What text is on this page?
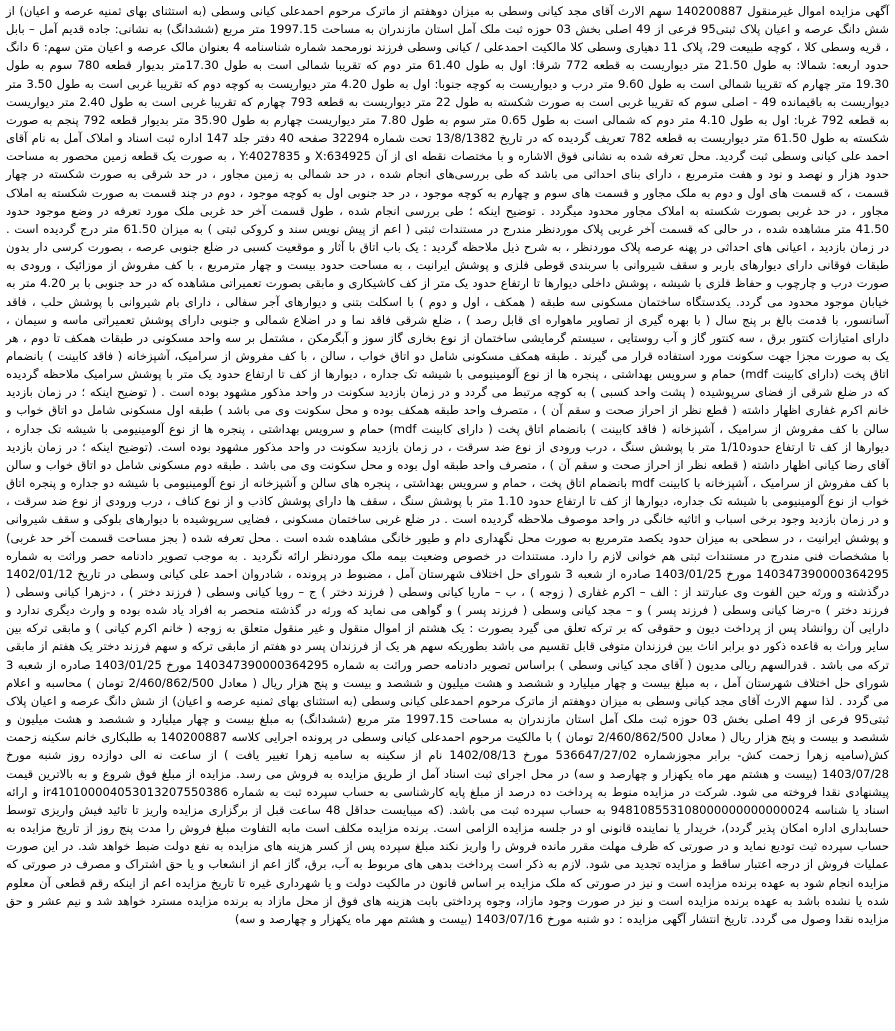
آگهی مزایده اموال غیرمنقول 140200887 سهم الارث آقای مجد کیانی وسطی به میزان دوهفتم از ماترک مرحوم احمدعلی کیانی وسطی (به استثنای بهای ثمنیه عرصه و اعیان) از شش دانگ عرصه و اعیان پلاک ثبتی95 فرعی از 49 اصلی بخش 03 حوزه ثبت ملک آمل استان مازندران به مساحت 1997.15 متر مربع (ششدانگ) به نشانی: جاده قدیم آمل – بابل ، قریه وسطی کلا ، کوچه طبیعت 29، پلاک 11 دهیاری وسطی کلا مالکیت احمدعلی / کیانی وسطی فرزند نورمحمد شماره شناسنامه 4 بعنوان مالک عرصه و اعیان متن سهم: 6 دانگ حدود اربعه: شمالا: به طول 21.50 متر دیواریست به قطعه 772 شرقا: اول به طول 61.40 متر دوم که تقریبا شمالی است به طول 17.30متر بدیوار قطعه 780 سوم به طول 19.30 متر چهارم که تقریبا شمالی است به طول 9.60 متر درب و دیواریست به کوچه جنوبا: اول به طول 4.20 متر دیواریست به کوچه دوم که تقریبا غربی است به طول 3.50 متر دیواریست به باقیمانده 49 - اصلی سوم که تقریبا غربی است به صورت شکسته به طول 22 متر دیواریست به قطعه 793 چهارم که تقریبا غربی است به طول 2.40 متر دیواریست به قطعه 792 غربا: اول به طول 4.10 متر دوم که شمالی است به طول 0.65 متر سوم به طول 7.80 متر دیواریست چهارم به طول 35.90 متر بدیوار قطعه 792 پنجم به صورت شکسته به طول 61.50 متر دیواریست به قطعه 782 تعریف گردیده که در تاریخ 13/8/1382 تحت شماره 32294 صفحه 40 دفتر جلد 147 اداره ثبت اسناد و املاک آمل به نام آقای احمد علی کیانی وسطی ثبت گردید. محل تعرفه شده به نشانی فوق الاشاره و با مختصات نقطه ای از آن X:634925 و Y:4027835 ، به صورت یک قطعه زمین محصور به مساحت حدود هزار و نهصد و نود و هفت مترمربع ، دارای بنای احداثی می باشد که طی بررسی‌های انجام شده ، در حد شمالی به زمین مجاور ، در حد شرقی به صورت شکسته در چهار قسمت ، که قسمت های اول و دوم به ملک مجاور و قسمت های سوم و چهارم به کوچه موجود ، در حد جنوبی اول به کوچه موجود ، دوم در چند قسمت به صورت شکسته به املاک مجاور ، در حد غربی بصورت شکسته به املاک مجاور محدود میگردد . توضیح اینکه ؛ طی بررسی انجام شده ، طول قسمت آخر حد غربی ملک مورد تعرفه در وضع موجود حدود 41.50 متر مشاهده شده ، در حالی که قسمت آخر غربی پلاک موردنظر مندرج در مستندات ثبتی ( اعم از پیش نویس سند و کروکی ثبتی ) به میزان 61.50 متر درج گردیده است . در زمان بازدید ، اعیانی های احداثی در پهنه عرصه پلاک موردنظر ، به شرح ذیل ملاحظه گردید : یک باب اتاق با آثار و موقعیت کسبی در ضلع جنوبی عرصه ، بصورت کرسی دار بدون طبقات فوقانی دارای دیوارهای باربر و سقف شیروانی با سربندی قوطی فلزی و پوشش ایرانیت ، به مساحت حدود بیست و چهار مترمربع ، با کف مفروش از موزائیک ، ورودی به صورت درب و چارچوب و حفاظ فلزی با شیشه ، پوشش داخلی دیوارها تا ارتفاع حدود یک متر از کف کاشیکاری و مابقی بصورت تعمیراتی مشاهده که در حد جنوبی با بر 4.20 متر به خیابان موجود محدود می گردد. یکدستگاه ساختمان مسکونی سه طبقه ( همکف ، اول و دوم ) با اسکلت بتنی و دیوارهای آجر سفالی ، دارای بام شیروانی با پوشش حلب ، فاقد آسانسور، با قدمت بالغ بر پنج سال ( با بهره گیری از تصاویر ماهواره ای قابل رصد ) ، ضلع شرقی فاقد نما و در اضلاع شمالی و جنوبی دارای پوشش تعمیراتی ماسه و سیمان ، دارای امتیازات کنتور برق ، سه کنتور گاز و آب روستایی ، سیستم گرمایشی ساختمان از نوع بخاری گاز سوز و آبگرمکن ، مشتمل بر سه واحد مسکونی در طبقات همکف تا دوم ، هر یک به صورت مجزا جهت سکونت مورد استفاده قرار می گیرند . طبقه همکف مسکونی شامل دو اتاق خواب ، سالن ، با کف مفروش از سرامیک، آشپزخانه ( فاقد کابینت ) بانضمام اتاق پخت (دارای کابینت mdf) حمام و سرویس بهداشتی ، پنجره ها از نوع آلومینیومی با شیشه تک جداره ، دیوارها از کف تا ارتفاع حدود یک متر با پوشش سرامیک ملاحظه گردیده که در ضلع شرقی از فضای سرپوشیده ( پشت واحد کسبی ) به کوچه مرتبط می گردد و در زمان بازدید سکونت در واحد مذکور مشهود بوده است . ( توضیح اینکه ؛ در زمان بازدید خانم اکرم غفاری اظهار داشته ( قطع نظر از احراز صحت و سقم آن ) ، متصرف واحد طبقه همکف بوده و محل سکونت وی می باشد ) طبقه اول مسکونی شامل دو اتاق خواب و سالن با کف مفروش از سرامیک ، آشپزخانه ( فاقد کابینت ) بانضمام اتاق پخت ( دارای کابینت mdf) حمام و سرویس بهداشتی ، پنجره ها از نوع آلومینیومی با شیشه تک جداره ، دیوارها از کف تا ارتفاع حدود1/10 متر با پوشش سنگ ، درب ورودی از نوع ضد سرقت ، در زمان بازدید سکونت در واحد مذکور مشهود بوده است. (توضیح اینکه ؛ در زمان بازدید آقای رضا کیانی اظهار داشته ( قطعه نظر از احراز صحت و سقم آن ) ، متصرف واحد طبقه اول بوده و محل سکونت وی می باشد . طبقه دوم مسکونی شامل دو اتاق خواب و سالن با کف مفروش از سرامیک ، آشپزخانه با کابینت mdf بانضمام اتاق پخت ، حمام و سرویس بهداشتی ، پنجره های سالن و آشپزخانه از نوع آلومینیومی با شیشه دو جداره و پنجره اتاق خواب از نوع آلومینیومی با شیشه تک جداره، دیوارها از کف تا ارتفاع حدود 1.10 متر با پوشش سنگ ، سقف ها دارای پوشش کاذب و از نوع کناف ، درب ورودی از نوع ضد سرقت ، و در زمان بازدید وجود برخی اسباب و اثاثیه خانگی در واحد موصوف ملاحظه گردیده است . در ضلع غربی ساختمان مسکونی ، فضایی سرپوشیده با دیوارهای بلوکی و سقف شیروانی و پوشش ایرانیت ، در سطحی به میزان حدود یکصد مترمربع به صورت محل نگهداری دام و طیور خانگی مشاهده شده است . محل تعرفه شده ( بجز مساحت قسمت آخر حد غربی) با مشخصات فنی مندرج در مستندات ثبتی هم خوانی لازم را دارد. مستندات در خصوص وضعیت بیمه ملک موردنظر ارائه نگردید . به موجب تصویر دادنامه حصر وراثت به شماره 140347390000364295 مورخ 1403/01/25 صادره از شعبه 3 شورای حل اختلاف شهرستان آمل ، مضبوط در پرونده ، شادروان احمد علی کیانی وسطی در تاریخ 1402/01/12 درگذشته و ورثه حین الفوت وی عبارتند از : الف – اکرم غفاری ( زوجه ) ، ب – ماریا کیانی وسطی ( فرزند دختر ) ج – رویا کیانی وسطی ( فرزند دختر ) ، د-زهرا کیانی وسطی ( فرزند دختر ) ه-رضا کیانی وسطی ( فرزند پسر ) و – مجد کیانی وسطی ( فرزند پسر ) و گواهی می نماید که ورثه در گذشته منحصر به افراد یاد شده بوده و وارث دیگری ندارد و دارایی آن روانشاد پس از پرداخت دیون و حقوقی که بر ترکه تعلق می گیرد بصورت : یک هشتم از اموال منقول و غیر منقول متعلق به زوجه ( خانم اکرم کیانی ) و مابقی ترکه بین سایر وراث به قاعده ذکور دو برابر اناث بین فرزندان متوفی قابل تقسیم می باشد بطوریکه سهم هر یک از فرزندان پسر دو هفتم از مابقی ترکه و سهم فرزند دختر یک هفتم از مابقی ترکه می باشد . قدرالسهم ریالی مدیون ( آقای مجد کیانی وسطی ) براساس تصویر دادنامه حصر وراثت به شماره 140347390000364295 مورخ 1403/01/25 صادره از شعبه 3 شورای حل اختلاف شهرستان آمل ، به مبلغ بیست و چهار میلیارد و ششصد و هشت میلیون و ششصد و بیست و پنج هزار ریال ( معادل 2/460/862/500 تومان ) محاسبه و اعلام می گردد . لذا سهم الارث آقای مجد کیانی وسطی به میزان دوهفتم از ماترک مرحوم احمدعلی کیانی وسطی (به استثنای بهای ثمنیه عرصه و اعیان) از شش دانگ عرصه و اعیان پلاک ثبتی95 فرعی از 49 اصلی بخش 03 حوزه ثبت ملک آمل استان مازندران به مساحت 1997.15 متر مربع (ششدانگ) به مبلغ بیست و چهار میلیارد و ششصد و هشت میلیون و ششصد و بیست و پنج هزار ریال ( معادل 2/460/862/500 تومان ) با مالکیت مرحوم احمدعلی کیانی وسطی در پرونده اجرایی کلاسه 140200887 به طلبکاری خانم سکینه زحمت کش(سامیه زهرا زحمت کش- برابر مجوزشماره 536647/27/02 مورخ 1402/08/13 نام از سکینه به سامیه زهرا تغییر یافت ) از ساعت نه الی دوازده روز شنبه مورخ 1403/07/28 (بیست و هشتم مهر ماه یکهزار و چهارصد و سه) در محل اجرای ثبت اسناد آمل از طریق مزایده به فروش می رسد. مزایده از مبلغ فوق شروع و به بالاترین قیمت پیشنهادی نقدا فروخته می شود. شرکت در مزایده منوط به پرداخت ده درصد از مبلغ پایه کارشناسی به حساب سپرده ثبت به شماره ir410100004053013207550386 و ارائه اسناد یا شناسه 948108553108000000000000024 به حساب سپرده ثبت می باشد. (که میبایست حداقل 48 ساعت قبل از برگزاری مزایده واریز تا تائید فیش واریزی توسط حسابداری اداره امکان پذیر گردد)، خریدار یا نماینده قانونی او در جلسه مزایده الزامی است. برنده مزایده مکلف است مابه التفاوت مبلغ فروش را مدت پنج روز از تاریخ مزایده به حساب سپرده ثبت تودیع نماید و در صورتی که ظرف مهلت مقرر مانده فروش را واریز نکند مبلغ سپرده پس از کسر هزینه های مزایده به نفع دولت ضبط خواهد شد. در این صورت عملیات فروش از درجه اعتبار ساقط و مزایده تجدید می شود. لازم به ذکر است پرداخت بدهی های مربوط به آب، برق، گاز اعم از انشعاب و یا حق اشتراک و مصرف در صورتی که مزایده انجام شود به عهده برنده مزایده است و نیز در صورتی که ملک مزایده بر اساس قانون در مالکیت دولت و یا شهرداری غیره تا تاریخ مزایده اعم از اینکه رقم قطعی آن معلوم شده یا نشده باشد به عهده برنده مزایده است و نیز در صورت وجود مازاد، وجوه پرداختی بابت هزینه های فوق از محل مازاد به برنده مزایده مسترد خواهد شد و نیم عشر و حق مزایده نقدا وصول می گردد. تاریخ انتشار آگهی مزایده : دو شنبه مورخ 1403/07/16 (بیست و هشتم مهر ماه یکهزار و چهارصد و سه)
